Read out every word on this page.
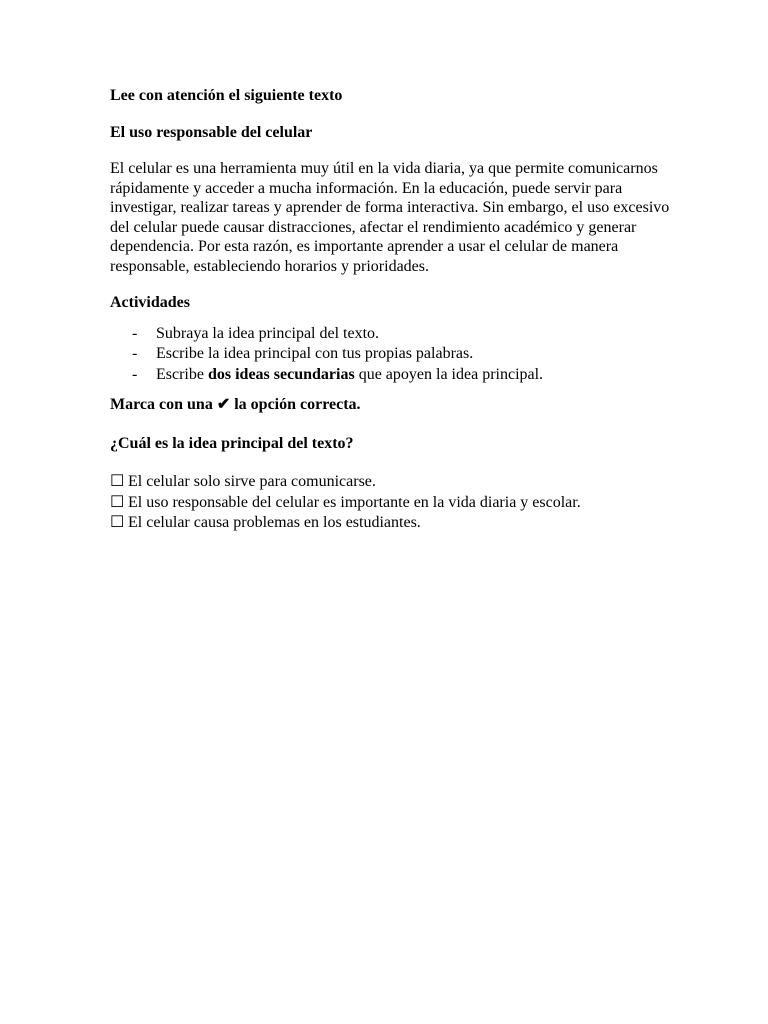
Lee con atención el siguiente texto

El uso responsable del celular

El celular es una herramienta muy útil en la vida diaria, ya que permite comunicarnos rápidamente y acceder a mucha información. En la educación, puede servir para investigar, realizar tareas y aprender de forma interactiva. Sin embargo, el uso excesivo del celular puede causar distracciones, afectar el rendimiento académico y generar dependencia. Por esta razón, es importante aprender a usar el celular de manera responsable, estableciendo horarios y prioridades.

Actividades

-	Subraya la idea principal del texto.
-	Escribe la idea principal con tus propias palabras.
-	Escribe dos ideas secundarias que apoyen la idea principal.

Marca con una ✔ la opción correcta.

¿Cuál es la idea principal del texto?

☐ El celular solo sirve para comunicarse.
☐ El uso responsable del celular es importante en la vida diaria y escolar.
☐ El celular causa problemas en los estudiantes.
